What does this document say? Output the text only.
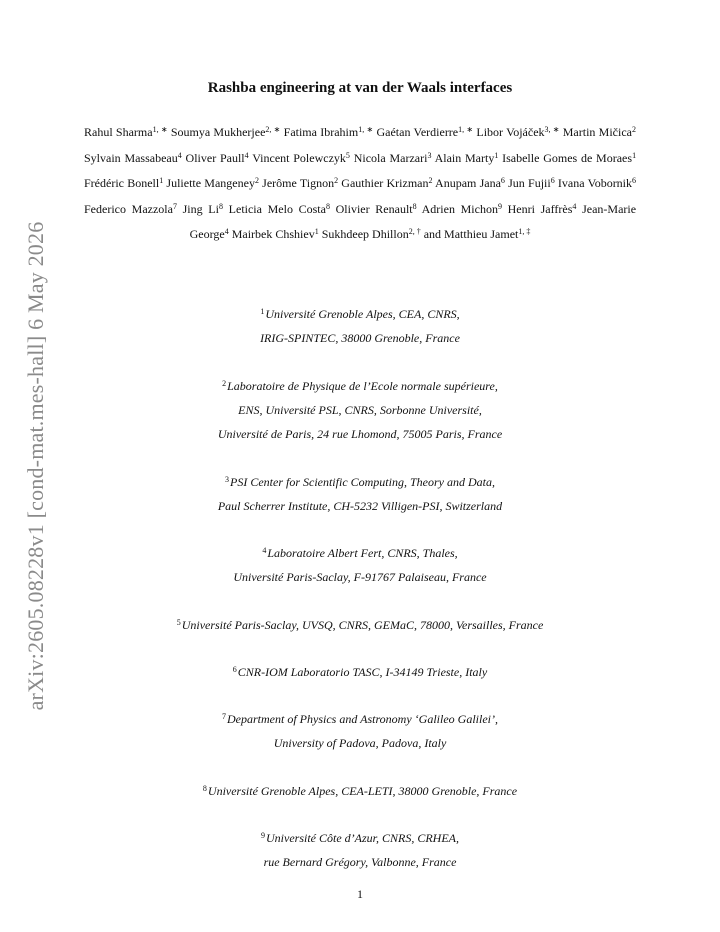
arXiv:2605.08228v1 [cond-mat.mes-hall] 6 May 2026
Rashba engineering at van der Waals interfaces
Rahul Sharma$^{1, ∗}$ Soumya Mukherjee$^{2, ∗}$ Fatima Ibrahim$^{1, ∗}$ Gaétan Verdierre$^{1, ∗}$ Libor Vojáček$^{3, ∗}$ Martin Mičica$^2$ Sylvain Massabeau$^4$ Oliver Paull$^4$ Vincent Polewczyk$^5$ Nicola Marzari$^3$ Alain Marty$^1$ Isabelle Gomes de Moraes$^1$ Frédéric Bonell$^1$ Juliette Mangeney$^2$ Jerôme Tignon$^2$ Gauthier Krizman$^2$ Anupam Jana$^6$ Jun Fujii$^6$ Ivana Vobornik$^6$ Federico Mazzola$^7$ Jing Li$^8$ Leticia Melo Costa$^8$ Olivier Renault$^8$ Adrien Michon$^9$ Henri Jaffrès$^4$ Jean-Marie George$^4$ Mairbek Chshiev$^1$ Sukhdeep Dhillon$^{2, \dagger}$ and Matthieu Jamet$^{1, \ddagger}$
$^1$Université Grenoble Alpes, CEA, CNRS,
IRIG-SPINTEC, 38000 Grenoble, France
$^2$Laboratoire de Physique de l’Ecole normale supérieure,
ENS, Université PSL, CNRS, Sorbonne Université,
Université de Paris, 24 rue Lhomond, 75005 Paris, France
$^3$PSI Center for Scientific Computing, Theory and Data,
Paul Scherrer Institute, CH-5232 Villigen-PSI, Switzerland
$^4$Laboratoire Albert Fert, CNRS, Thales,
Université Paris-Saclay, F-91767 Palaiseau, France
$^5$Université Paris-Saclay, UVSQ, CNRS, GEMaC, 78000, Versailles, France
$^6$CNR-IOM Laboratorio TASC, I-34149 Trieste, Italy
$^7$Department of Physics and Astronomy ‘Galileo Galilei’,
University of Padova, Padova, Italy
$^8$Université Grenoble Alpes, CEA-LETI, 38000 Grenoble, France
$^9$Université Côte d’Azur, CNRS, CRHEA,
rue Bernard Grégory, Valbonne, France
1
